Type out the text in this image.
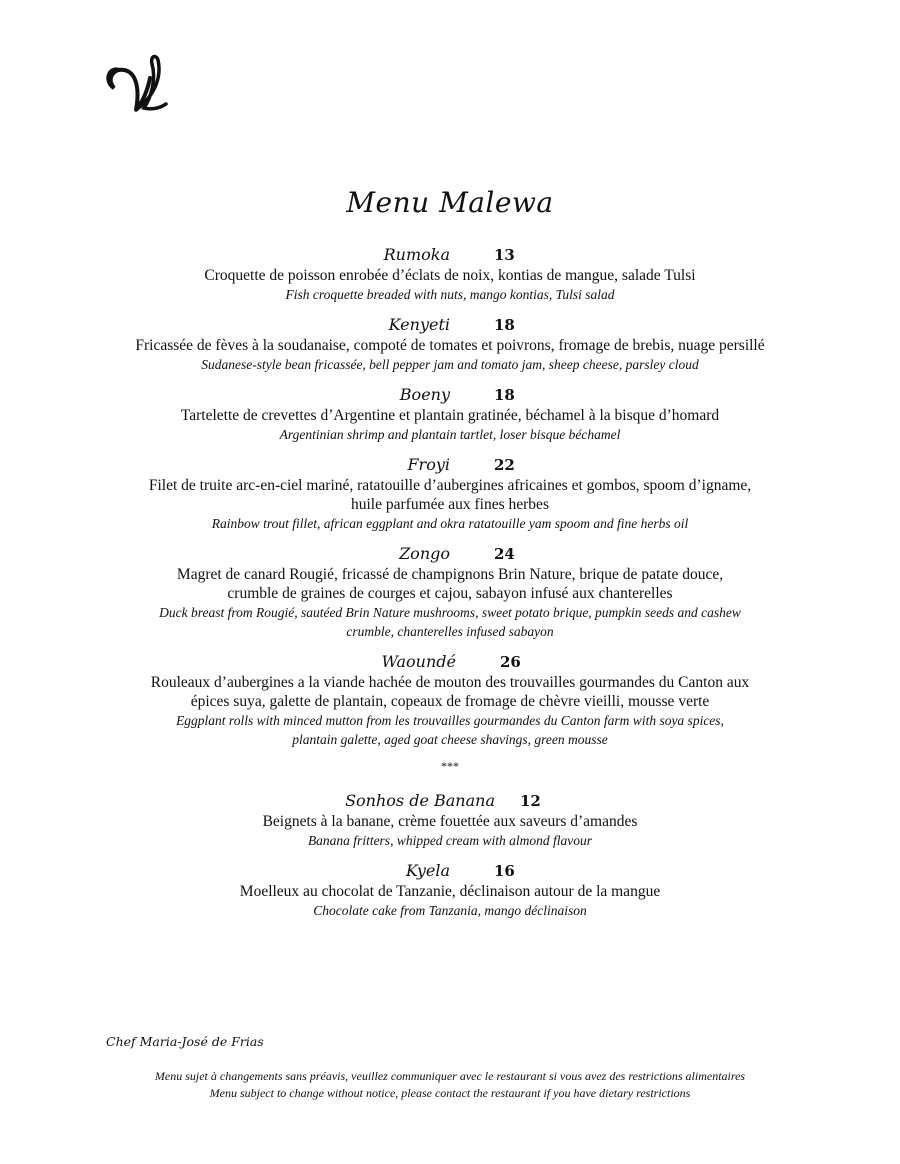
Menu Malewa
Rumoka	13
Croquette de poisson enrobée d’éclats de noix, kontias de mangue, salade Tulsi
Fish croquette breaded with nuts, mango kontias, Tulsi salad
Kenyeti	18
Fricassée de fèves à la soudanaise, compoté de tomates et poivrons, fromage de brebis, nuage persillé
Sudanese-style bean fricassée, bell pepper jam and tomato jam, sheep cheese, parsley cloud
Boeny	18
Tartelette de crevettes d’Argentine et plantain gratinée, béchamel à la bisque d’homard
Argentinian shrimp and plantain tartlet, loser bisque béchamel
Froyi	22
Filet de truite arc-en-ciel mariné, ratatouille d’aubergines africaines et gombos, spoom d’igname,
huile parfumée aux fines herbes
Rainbow trout fillet, african eggplant and okra ratatouille yam spoom and fine herbs oil
Zongo	24
Magret de canard Rougié, fricassé de champignons Brin Nature, brique de patate douce,
crumble de graines de courges et cajou, sabayon infusé aux chanterelles
Duck breast from Rougié, sautéed Brin Nature mushrooms, sweet potato brique, pumpkin seeds and cashew
crumble, chanterelles infused sabayon
Waoundé	26
Rouleaux d’aubergines a la viande hachée de mouton des trouvailles gourmandes du Canton aux
épices suya, galette de plantain, copeaux de fromage de chèvre vieilli, mousse verte
Eggplant rolls with minced mutton from les trouvailles gourmandes du Canton farm with soya spices,
plantain galette, aged goat cheese shavings, green mousse
***
Sonhos de Banana 12
Beignets à la banane, crème fouettée aux saveurs d’amandes
Banana fritters, whipped cream with almond flavour
Kyela	16
Moelleux au chocolat de Tanzanie, déclinaison autour de la mangue
Chocolate cake from Tanzania, mango déclinaison
Chef Maria-José de Frias
Menu sujet à changements sans préavis, veuillez communiquer avec le restaurant si vous avez des restrictions alimentaires
Menu subject to change without notice, please contact the restaurant if you have dietary restrictions
